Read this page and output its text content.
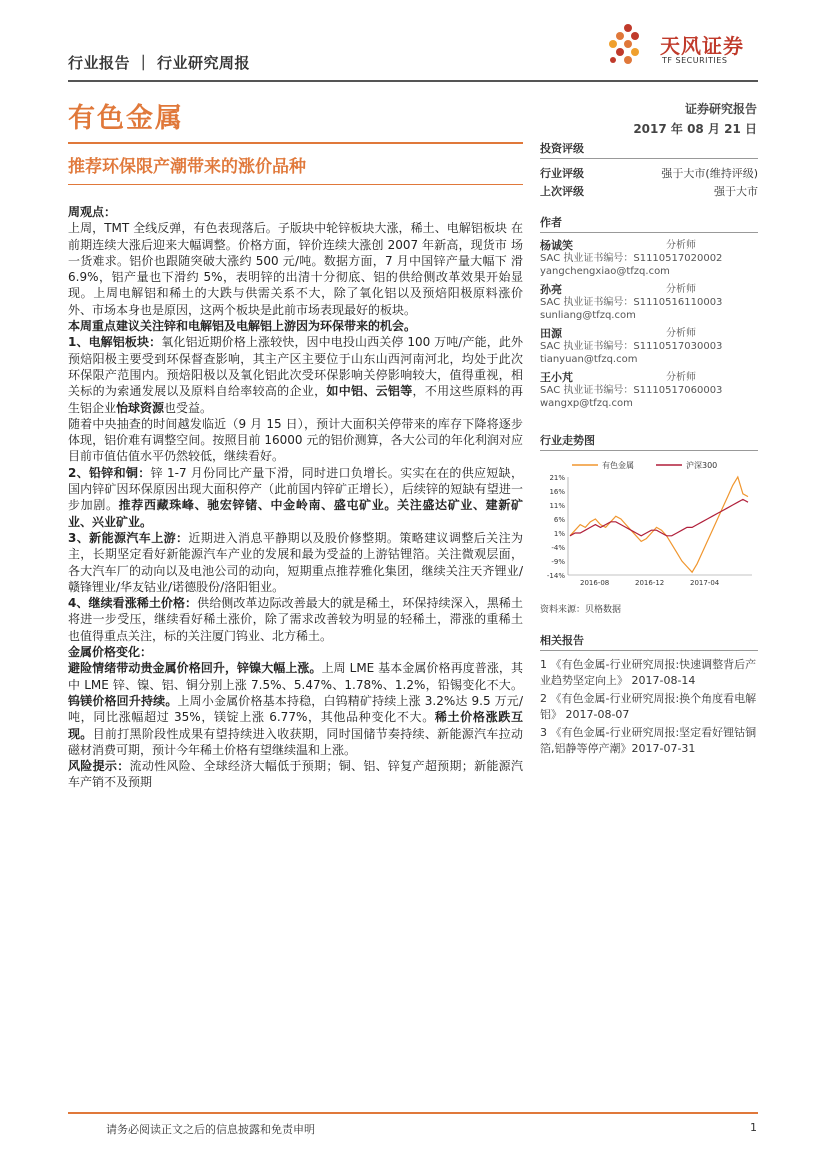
行业报告 ｜ 行业研究周报
天风证券
TF SECURITIES
有色金属	证券研究报告
2017 年 08 月 21 日
推荐环保限产潮带来的涨价品种

周观点：

上周，TMT 全线反弹，有色表现落后。子版块中轮锌板块大涨，稀土、电解铝板块 在前期连续大涨后迎来大幅调整。价格方面，锌价连续大涨创 2007 年新高，现货市 场一货难求。铝价也跟随突破大涨约 500 元/吨。数据方面，7 月中国锌产量大幅下 滑 6.9%，铝产量也下滑约 5%，表明锌的出清十分彻底、铝的供给侧改革效果开始显 现。上周电解铝和稀土的大跌与供需关系不大，除了氧化铝以及预焙阳极原料涨价外、市场本身也是原因，这两个板块是此前市场表现最好的板块。

本周重点建议关注锌和电解铝及电解铝上游因为环保带来的机会。

1、电解铝板块：氧化铝近期价格上涨较快，因中电投山西关停 100 万吨/产能，此外预焙阳极主要受到环保督查影响，其主产区主要位于山东山西河南河北，均处于此次环保限产范围内。预焙阳极以及氧化铝此次受环保影响关停影响较大，值得重视，相关标的为索通发展以及原料自给率较高的企业，如中铝、云铝等，不用这些原料的再生铝企业怡球资源也受益。

随着中央抽查的时间越发临近（9 月 15 日），预计大面积关停带来的库存下降将逐步体现，铝价难有调整空间。按照目前 16000 元的铝价测算，各大公司的年化利润对应目前市值估值水平仍然较低，继续看好。

2、铅锌和铜：锌 1-7 月份同比产量下滑，同时进口负增长。实实在在的供应短缺，国内锌矿因环保原因出现大面积停产（此前国内锌矿正增长），后续锌的短缺有望进一步加剧。推荐西藏珠峰、驰宏锌锗、中金岭南、盛屯矿业。关注盛达矿业、建新矿业、兴业矿业。

3、新能源汽车上游：近期进入消息平静期以及股价修整期。策略建议调整后关注为主，长期坚定看好新能源汽车产业的发展和最为受益的上游钴锂箔。关注微观层面，各大汽车厂的动向以及电池公司的动向，短期重点推荐雅化集团，继续关注天齐锂业/赣锋锂业/华友钴业/诺德股份/洛阳钼业。

4、继续看涨稀土价格：供给侧改革边际改善最大的就是稀土，环保持续深入，黑稀土将进一步受压，继续看好稀土涨价，除了需求改善较为明显的轻稀土，滞涨的重稀土也值得重点关注，标的关注厦门钨业、北方稀土。

金属价格变化：

避险情绪带动贵金属价格回升，锌镍大幅上涨。上周 LME 基本金属价格再度普涨，其中 LME 锌、镍、铝、铜分别上涨 7.5%、5.47%、1.78%、1.2%，铅锡变化不大。钨镁价格回升持续。上周小金属价格基本持稳，白钨精矿持续上涨 3.2%达 9.5 万元/吨，同比涨幅超过 35%，镁锭上涨 6.77%，其他品种变化不大。稀土价格涨跌互现。目前打黑阶段性成果有望持续进入收获期，同时国储节奏持续、新能源汽车拉动磁材消费可期，预计今年稀土价格有望继续温和上涨。

风险提示：流动性风险、全球经济大幅低于预期；铜、铝、锌复产超预期；新能源汽车产销不及预期

投资评级
行业评级	强于大市(维持评级)
上次评级	强于大市
作者
杨诚笑	分析师
SAC 执业证书编号：S1110517020002
yangchengxiao@tfzq.com
孙亮	分析师
SAC 执业证书编号：S1110516110003
sunliang@tfzq.com
田源	分析师
SAC 执业证书编号：S1110517030003
tianyuan@tfzq.com
王小芃	分析师
SAC 执业证书编号：S1110517060003
wangxp@tfzq.com
行业走势图
有色金属	沪深300
21%
16%
11%
6%
1%
-4%
-9%
-14%
2016-08	2016-12	2017-04
资料来源：贝格数据
相关报告
1 《有色金属-行业研究周报:快速调整背后产业趋势坚定向上》 2017-08-14
2 《有色金属-行业研究周报:换个角度看电解铝》 2017-08-07
3 《有色金属-行业研究周报:坚定看好锂钴铜箔,铝静等停产潮》2017-07-31
请务必阅读正文之后的信息披露和免责申明	1
